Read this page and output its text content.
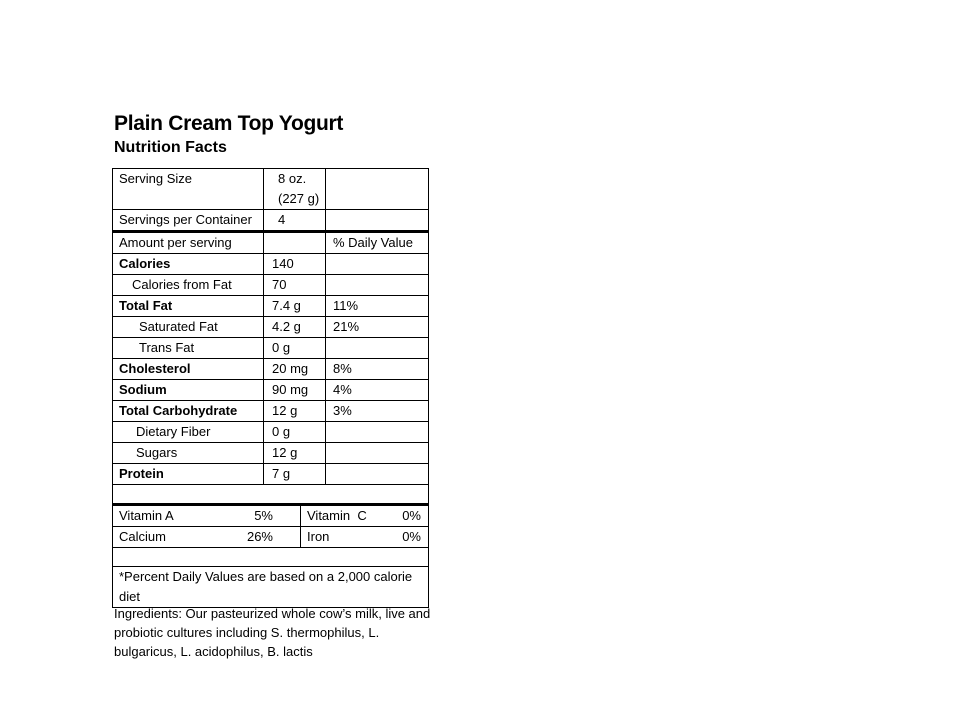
Plain Cream Top Yogurt
Nutrition Facts
Serving Size	8 oz. (227 g)	
Servings per Container	4	
Amount per serving		% Daily Value
Calories	140	
Calories from Fat	70	
Total Fat	7.4 g	11%
Saturated Fat	4.2 g	21%
Trans Fat	0 g	
Cholesterol	20 mg	8%
Sodium	90 mg	4%
Total Carbohydrate	12 g	3%
Dietary Fiber	0 g	
Sugars	12 g	
Protein	7 g	

Vitamin A 5% Vitamin  C 0%		

Calcium 26% Iron 0%		

*Percent Daily Values are based on a 2,000 calorie diet		
Ingredients: Our pasteurized whole cow’s milk, live and probiotic cultures including S. thermophilus, L. bulgaricus, L. acidophilus, B. lactis
